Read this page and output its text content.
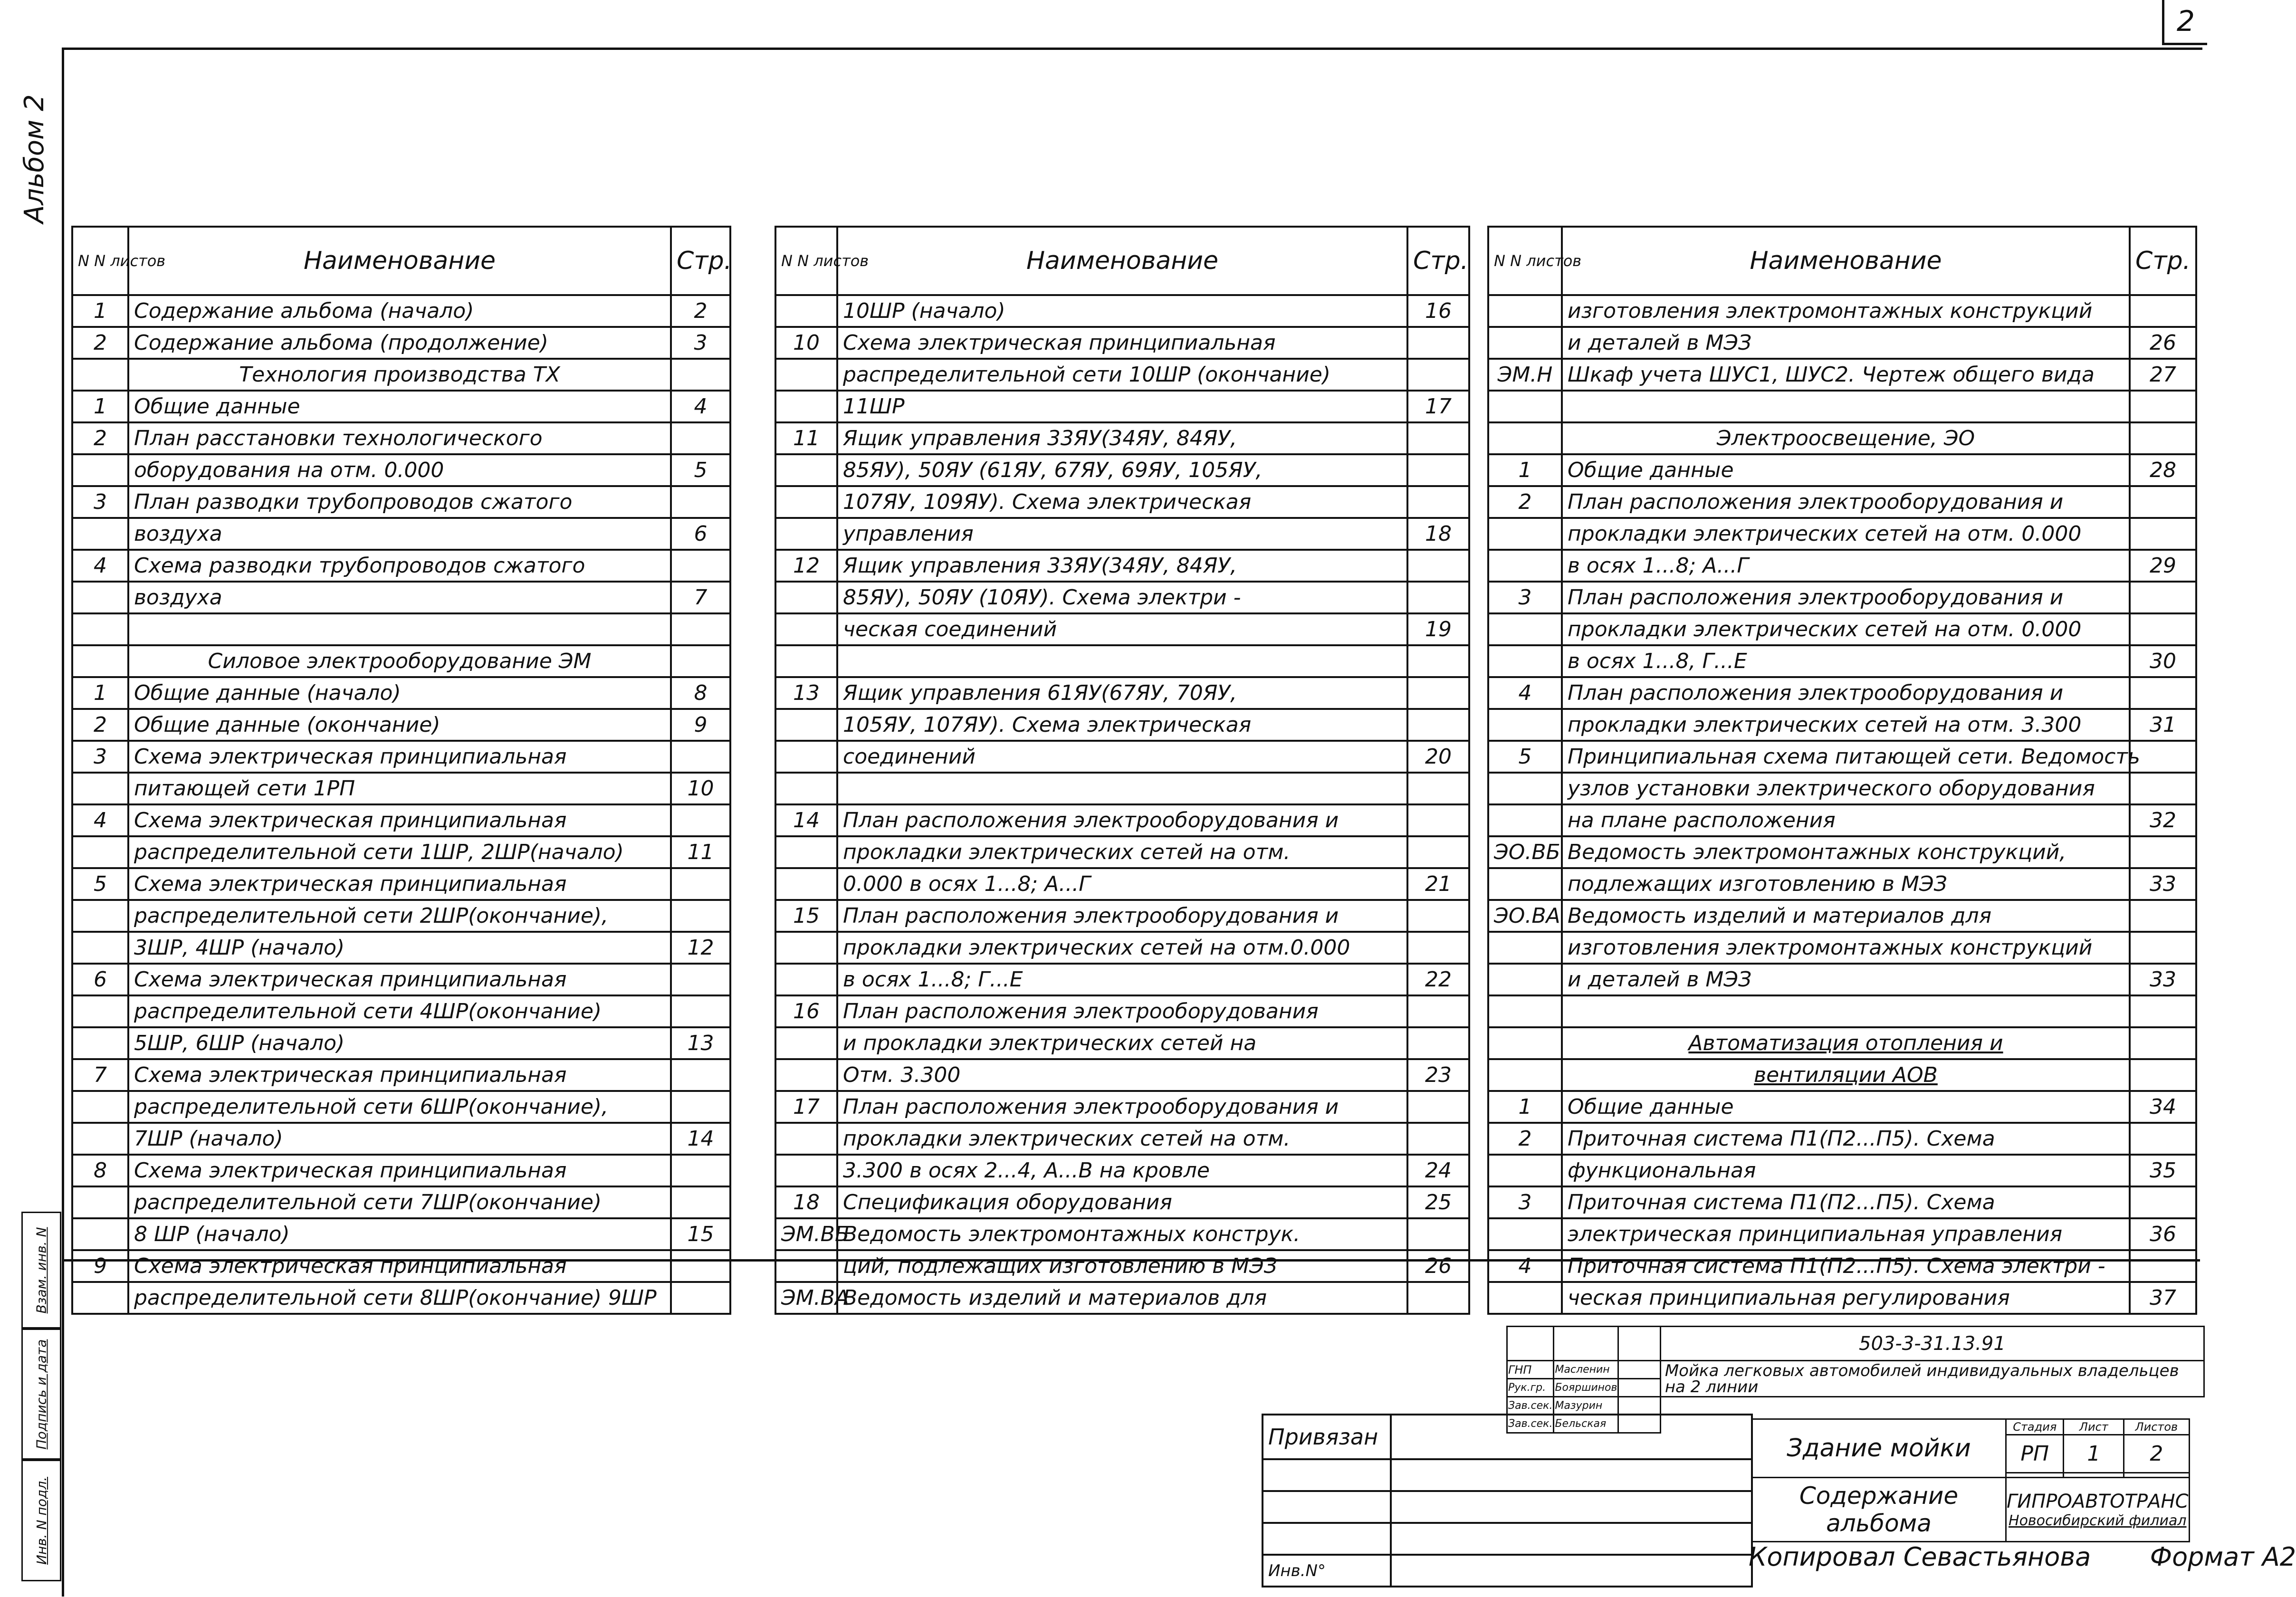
2
Альбом 2
N N листов	Наименование	Стр.
1	Содержание альбома (начало)	2
2	Содержание альбома (продолжение)	3
	Технология производства ТХ	
1	Общие данные	4
2	План расстановки технологического	
	оборудования на отм. 0.000	5
3	План разводки трубопроводов сжатого	
	воздуха	6
4	Схема разводки трубопроводов сжатого	
	воздуха	7

	Силовое электрооборудование ЭМ	
1	Общие данные (начало)	8
2	Общие данные (окончание)	9
3	Схема электрическая принципиальная	
	питающей сети 1РП	10
4	Схема электрическая принципиальная	
	распределительной сети 1ШР, 2ШР(начало)	11
5	Схема электрическая принципиальная	
	распределительной сети 2ШР(окончание),	
	3ШР, 4ШР (начало)	12
6	Схема электрическая принципиальная	
	распределительной сети 4ШР(окончание)	
	5ШР, 6ШР (начало)	13
7	Схема электрическая принципиальная	
	распределительной сети 6ШР(окончание),	
	7ШР (начало)	14
8	Схема электрическая принципиальная	
	распределительной сети 7ШР(окончание)	
	8 ШР (начало)	15
9	Схема электрическая принципиальная	
	распределительной сети 8ШР(окончание) 9ШР	
N N листов	Наименование	Стр.
	10ШР (начало)	16
10	Схема электрическая принципиальная	
	распределительной сети 10ШР (окончание)	
	11ШР	17
11	Ящик управления 33ЯУ(34ЯУ, 84ЯУ,	
	85ЯУ), 50ЯУ (61ЯУ, 67ЯУ, 69ЯУ, 105ЯУ,	
	107ЯУ, 109ЯУ). Схема электрическая	
	управления	18
12	Ящик управления 33ЯУ(34ЯУ, 84ЯУ,	
	85ЯУ), 50ЯУ (10ЯУ). Схема электри -	
	ческая соединений	19

13	Ящик управления 61ЯУ(67ЯУ, 70ЯУ,	
	105ЯУ, 107ЯУ). Схема электрическая	
	соединений	20

14	План расположения электрооборудования и	
	прокладки электрических сетей на отм.	
	0.000 в осях 1...8; А...Г	21
15	План расположения электрооборудования и	
	прокладки электрических сетей на отм.0.000	
	в осях 1...8; Г...Е	22
16	План расположения электрооборудования	
	и прокладки электрических сетей на	
	Отм. 3.300	23
17	План расположения электрооборудования и	
	прокладки электрических сетей на отм.	
	3.300 в осях 2...4, А...В на кровле	24
18	Спецификация оборудования	25
ЭМ.ВБ	Ведомость электромонтажных конструк.	
	ций, подлежащих изготовлению в МЭЗ	26
ЭМ.ВА	Ведомость изделий и материалов для	
N N листов	Наименование	Стр.
	изготовления электромонтажных конструкций	
	и деталей в МЭЗ	26
ЭМ.Н	Шкаф учета ШУС1, ШУС2. Чертеж общего вида	27

	Электроосвещение, ЭО	
1	Общие данные	28
2	План расположения электрооборудования и	
	прокладки электрических сетей на отм. 0.000	
	в осях 1...8; А...Г	29
3	План расположения электрооборудования и	
	прокладки электрических сетей на отм. 0.000	
	в осях 1...8, Г...Е	30
4	План расположения электрооборудования и	
	прокладки электрических сетей на отм. 3.300	31
5	Принципиальная схема питающей сети. Ведомость	
	узлов установки электрического оборудования	
	на плане расположения	32
ЭО.ВБ	Ведомость электромонтажных конструкций,	
	подлежащих изготовлению в МЭЗ	33
ЭО.ВА	Ведомость изделий и материалов для	
	изготовления электромонтажных конструкций	
	и деталей в МЭЗ	33

	Автоматизация отопления и	
	вентиляции АОВ	
1	Общие данные	34
2	Приточная система П1(П2...П5). Схема	
	функциональная	35
3	Приточная система П1(П2...П5). Схема	
	электрическая принципиальная управления	36
4	Приточная система П1(П2...П5). Схема электри -	
	ческая принципиальная регулирования	37
Взам. инв. N
Подпись и дата
Инв. N подл.
Привязан	

Инв.N°	
			503-3-31.13.91
ГНП	Масленин		Мойка легковых автомобилей индивидуальных владельцев на 2 линии
Рук.гр.	Бояршинов		
Зав.сек.	Мазурин		
Зав.сек.	Бельская		
Здание мойки	Стадия	Лист	Листов
	РП	1	2

Содержание альбома	ГИПРОАВТОТРАНС
Новосибирский филиал		
Копировал Севастьянова Формат А2
